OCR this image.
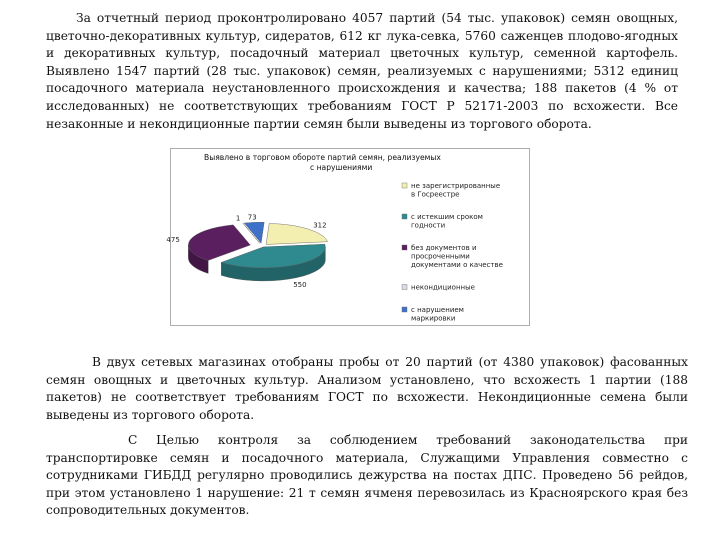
За отчетный период проконтролировано 4057 партий (54 тыс. упаковок) семян овощных, цветочно-декоративных культур, сидератов, 612 кг лука-севка, 5760 саженцев плодово-ягодных и декоративных культур, посадочный материал цветочных культур, семенной картофель. Выявлено 1547 партий (28 тыс. упаковок) семян, реализуемых с нарушениями; 5312 единиц посадочного материала неустановленного происхождения и качества; 188 пакетов (4 % от исследованных) не соответствующих требованиям ГОСТ Р 52171-2003 по всхожести. Все незаконные и некондиционные партии семян были выведены из торгового оборота.
Выявлено в торговом обороте партий семян, реализуемых
с нарушениями
312
550
475
1 73
не зарегистрированные в Госреестре
с истекшим сроком годности
без документов и просроченными документами о качестве
некондиционные
с нарушением маркировки
В двух сетевых магазинах отобраны пробы от 20 партий (от 4380 упаковок) фасованных семян овощных и цветочных культур. Анализом установлено, что всхожесть 1 партии (188 пакетов) не соответствует требованиям ГОСТ по всхожести. Некондиционные семена были выведены из торгового оборота.
С Целью контроля за соблюдением требований законодательства при транспортировке семян и посадочного материала, Служащими Управления совместно с сотрудниками ГИБДД регулярно проводились дежурства на постах ДПС. Проведено 56 рейдов, при этом установлено 1 нарушение: 21 т семян ячменя перевозилась из Красноярского края без сопроводительных документов.
